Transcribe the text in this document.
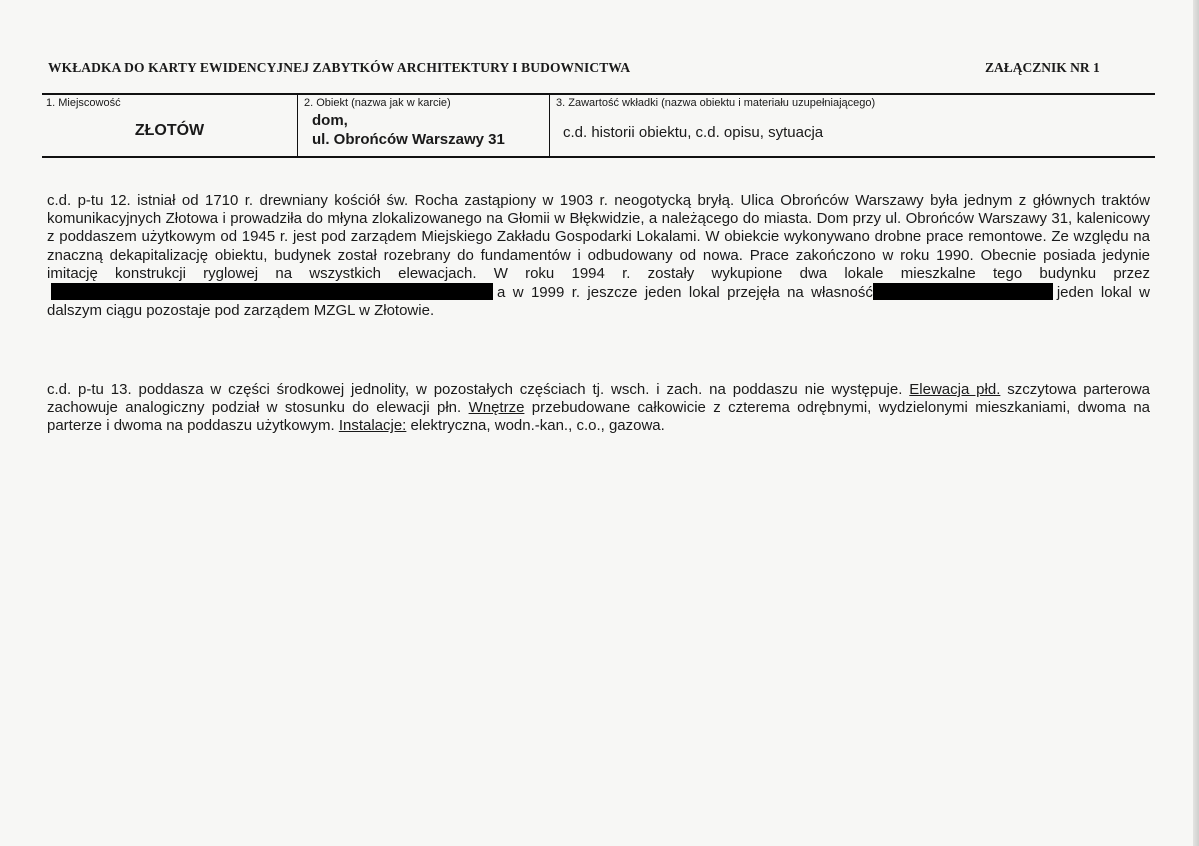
WKŁADKA DO KARTY EWIDENCYJNEJ ZABYTKÓW ARCHITEKTURY I BUDOWNICTWA	ZAŁĄCZNIK NR 1
1. Miejscowość
ZŁOTÓW
2. Obiekt (nazwa jak w karcie)
dom,
ul. Obrońców Warszawy 31
3. Zawartość wkładki (nazwa obiektu i materiału uzupełniającego)
c.d. historii obiektu, c.d. opisu, sytuacja
c.d. p-tu 12. istniał od 1710 r. drewniany kościół św. Rocha zastąpiony w 1903 r. neogotycką bryłą. Ulica Obrońców Warszawy była jednym z głównych traktów komunikacyjnych Złotowa i prowadziła do młyna zlokalizowanego na Głomii w Błękwidzie, a należącego do miasta. Dom przy ul. Obrońców Warszawy 31, kalenicowy z poddaszem użytkowym od 1945 r. jest pod zarządem Miejskiego Zakładu Gospodarki Lokalami. W obiekcie wykonywano drobne prace remontowe. Ze względu na znaczną dekapitalizację obiektu, budynek został rozebrany do fundamentów i odbudowany od nowa. Prace zakończono w roku 1990. Obecnie posiada jedynie imitację konstrukcji ryglowej na wszystkich elewacjach. W roku 1994 r. zostały wykupione dwa lokale mieszkalne tego budynku przeza w 1999 r. jeszcze jeden lokal przejęła na własność	jeden lokal w dalszym ciągu pozostaje pod zarządem MZGL w Złotowie.
c.d. p-tu 13. poddasza w części środkowej jednolity, w pozostałych częściach tj. wsch. i zach. na poddaszu nie występuje. Elewacja płd. szczytowa parterowa zachowuje analogiczny podział w stosunku do elewacji płn. Wnętrze przebudowane całkowicie z czterema odrębnymi, wydzielonymi mieszkaniami, dwoma na parterze i dwoma na poddaszu użytkowym. Instalacje: elektryczna, wodn.-kan., c.o., gazowa.
